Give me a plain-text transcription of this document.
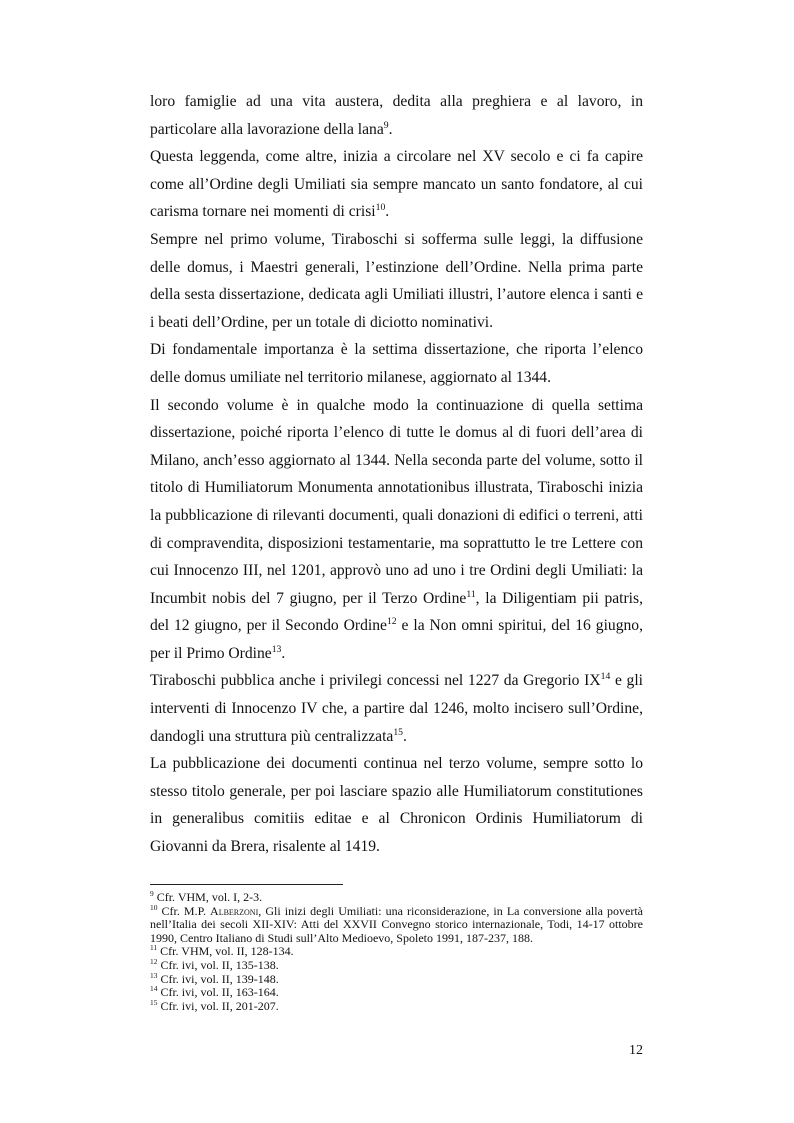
loro famiglie ad una vita austera, dedita alla preghiera e al lavoro, in particolare alla lavorazione della lana$^9$.

Questa leggenda, come altre, inizia a circolare nel XV secolo e ci fa capire come all’Ordine degli Umiliati sia sempre mancato un santo fondatore, al cui carisma tornare nei momenti di crisi$^{10}$.

Sempre nel primo volume, Tiraboschi si sofferma sulle leggi, la diffusione delle domus, i Maestri generali, l’estinzione dell’Ordine. Nella prima parte della sesta dissertazione, dedicata agli Umiliati illustri, l’autore elenca i santi e i beati dell’Ordine, per un totale di diciotto nominativi.

Di fondamentale importanza è la settima dissertazione, che riporta l’elenco delle domus umiliate nel territorio milanese, aggiornato al 1344.

Il secondo volume è in qualche modo la continuazione di quella settima dissertazione, poiché riporta l’elenco di tutte le domus al di fuori dell’area di Milano, anch’esso aggiornato al 1344. Nella seconda parte del volume, sotto il titolo di Humiliatorum Monumenta annotationibus illustrata, Tiraboschi inizia la pubblicazione di rilevanti documenti, quali donazioni di edifici o terreni, atti di compravendita, disposizioni testamentarie, ma soprattutto le tre Lettere con cui Innocenzo III, nel 1201, approvò uno ad uno i tre Ordini degli Umiliati: la Incumbit nobis del 7 giugno, per il Terzo Ordine$^{11}$, la Diligentiam pii patris, del 12 giugno, per il Secondo Ordine$^{12}$ e la Non omni spiritui, del 16 giugno, per il Primo Ordine$^{13}$.

Tiraboschi pubblica anche i privilegi concessi nel 1227 da Gregorio IX$^{14}$ e gli interventi di Innocenzo IV che, a partire dal 1246, molto incisero sull’Ordine, dandogli una struttura più centralizzata$^{15}$.

La pubblicazione dei documenti continua nel terzo volume, sempre sotto lo stesso titolo generale, per poi lasciare spazio alle Humiliatorum constitutiones in generalibus comitiis editae e al Chronicon Ordinis Humiliatorum di Giovanni da Brera, risalente al 1419.

$^9$ Cfr. VHM, vol. I, 2-3.

$^{10}$ Cfr. M.P. Alberzoni, Gli inizi degli Umiliati: una riconsiderazione, in La conversione alla povertà nell’Italia dei secoli XII-XIV: Atti del XXVII Convegno storico internazionale, Todi, 14-17 ottobre 1990, Centro Italiano di Studi sull’Alto Medioevo, Spoleto 1991, 187-237, 188.

$^{11}$ Cfr. VHM, vol. II, 128-134.

$^{12}$ Cfr. ivi, vol. II, 135-138.

$^{13}$ Cfr. ivi, vol. II, 139-148.

$^{14}$ Cfr. ivi, vol. II, 163-164.

$^{15}$ Cfr. ivi, vol. II, 201-207.

12
